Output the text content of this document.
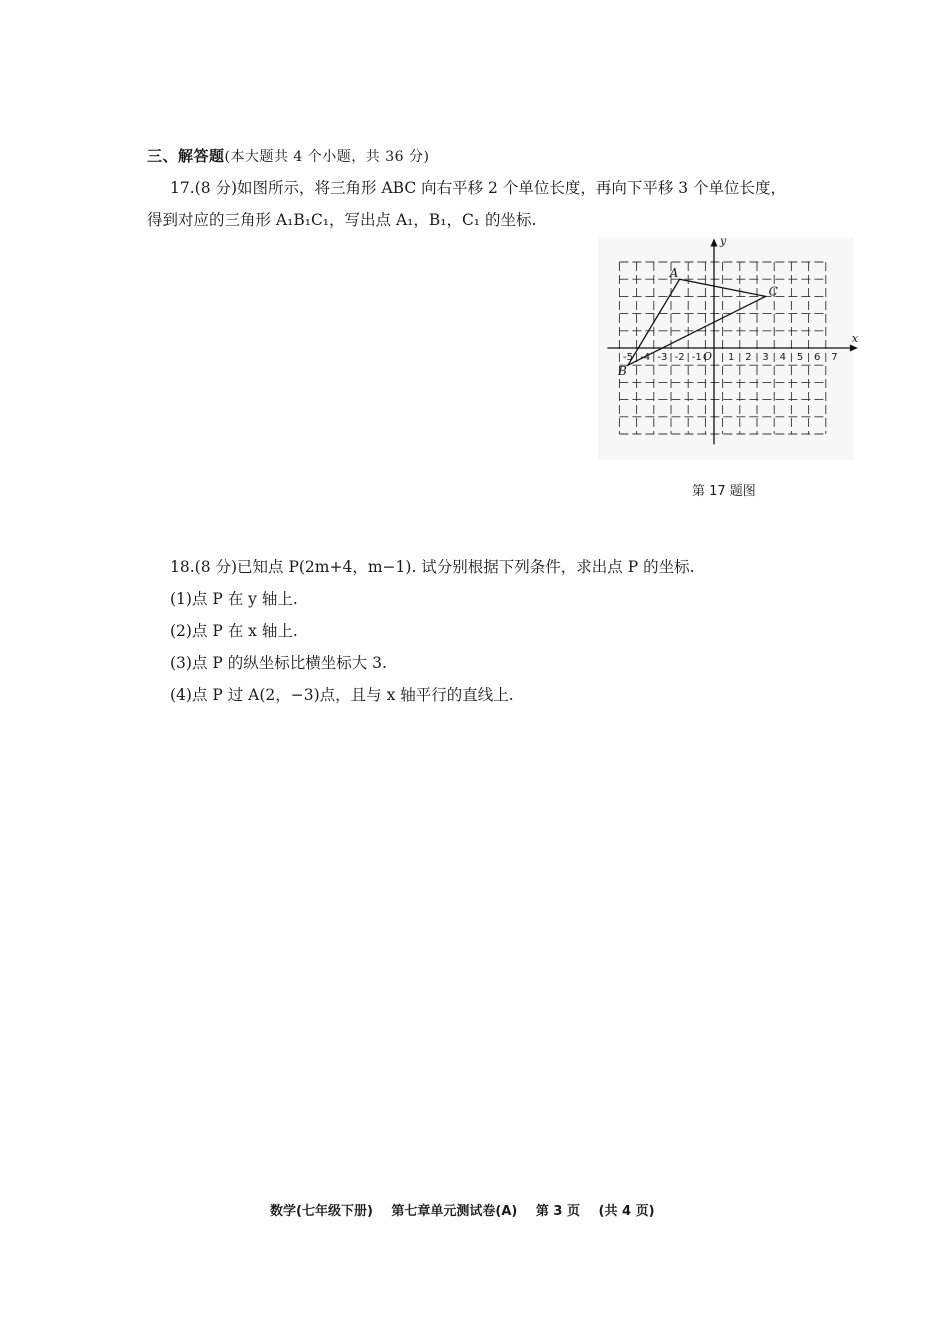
三、解答题(本大题共 4 个小题，共 36 分)
17.(8 分)如图所示，将三角形 ABC 向右平移 2 个单位长度，再向下平移 3 个单位长度，
得到对应的三角形 A₁B₁C₁，写出点 A₁，B₁，C₁ 的坐标.
x
y
O
-5 -4 -3 -2 -1	1 2 3 4 5 6 7
A
B
C
第 17 题图
18.(8 分)已知点 P(2m+4，m−1). 试分别根据下列条件，求出点 P 的坐标.
(1)点 P 在 y 轴上.
(2)点 P 在 x 轴上.
(3)点 P 的纵坐标比横坐标大 3.
(4)点 P 过 A(2，−3)点，且与 x 轴平行的直线上.
数学(七年级下册) 第七章单元测试卷(A) 第 3 页 (共 4 页)
